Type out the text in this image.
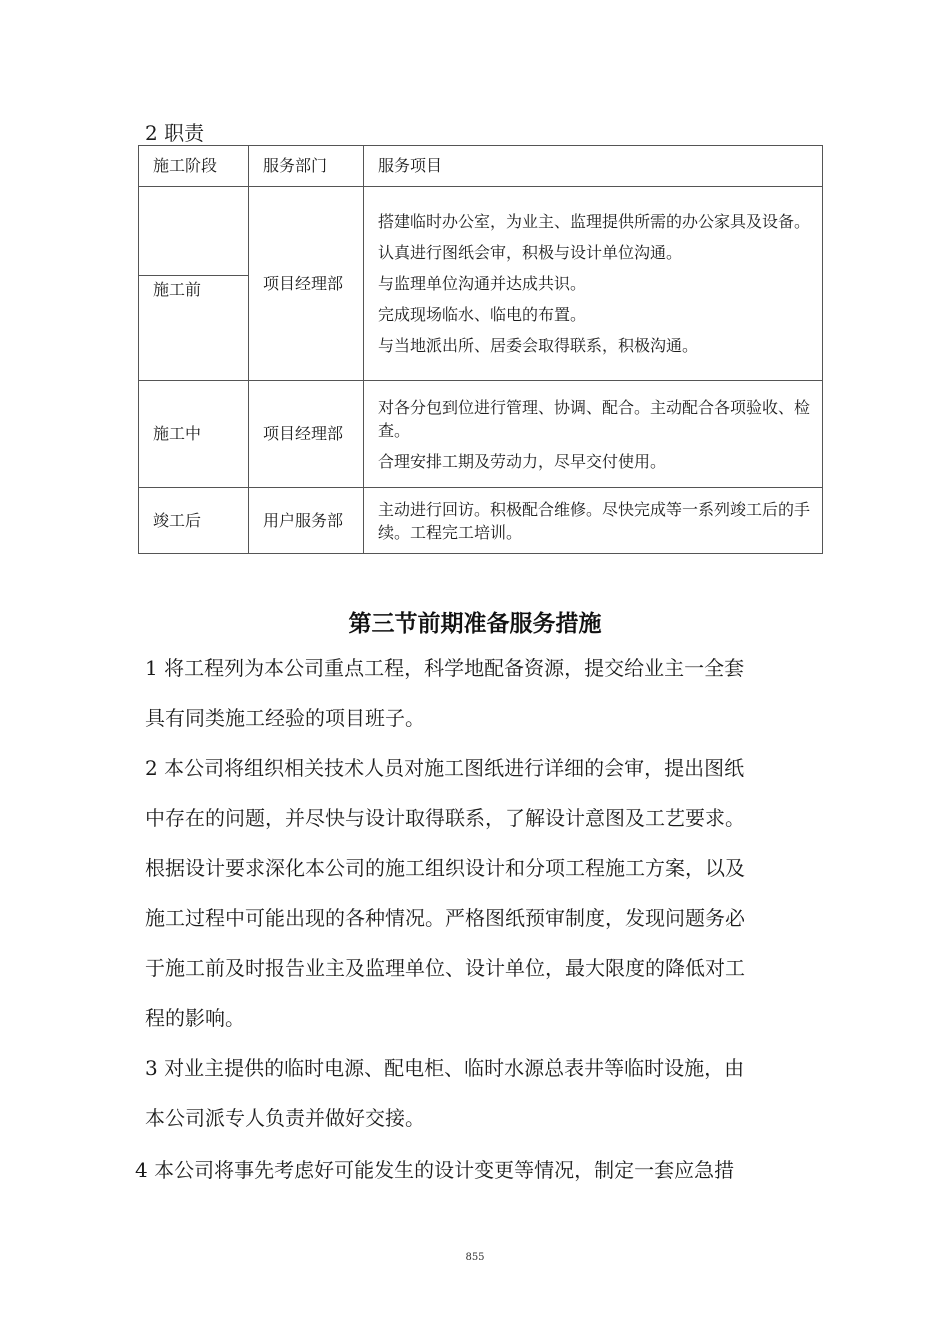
2 职责
施工阶段	服务部门	服务项目

施工前	项目经理部	搭建临时办公室，为业主、监理提供所需的办公家具及设备。

认真进行图纸会审，积极与设计单位沟通。

与监理单位沟通并达成共识。

完成现场临水、临电的布置。

与当地派出所、居委会取得联系，积极沟通。

施工中	项目经理部	对各分包到位进行管理、协调、配合。主动配合各项验收、检查。

合理安排工期及劳动力，尽早交付使用。

竣工后	用户服务部	主动进行回访。积极配合维修。尽快完成等一系列竣工后的手续。工程完工培训。

第三节前期准备服务措施
1 将工程列为本公司重点工程，科学地配备资源，提交给业主一全套
具有同类施工经验的项目班子。
2 本公司将组织相关技术人员对施工图纸进行详细的会审，提出图纸
中存在的问题，并尽快与设计取得联系，了解设计意图及工艺要求。
根据设计要求深化本公司的施工组织设计和分项工程施工方案，以及
施工过程中可能出现的各种情况。严格图纸预审制度，发现问题务必
于施工前及时报告业主及监理单位、设计单位，最大限度的降低对工
程的影响。
3 对业主提供的临时电源、配电柜、临时水源总表井等临时设施，由
本公司派专人负责并做好交接。
4 本公司将事先考虑好可能发生的设计变更等情况，制定一套应急措
855
